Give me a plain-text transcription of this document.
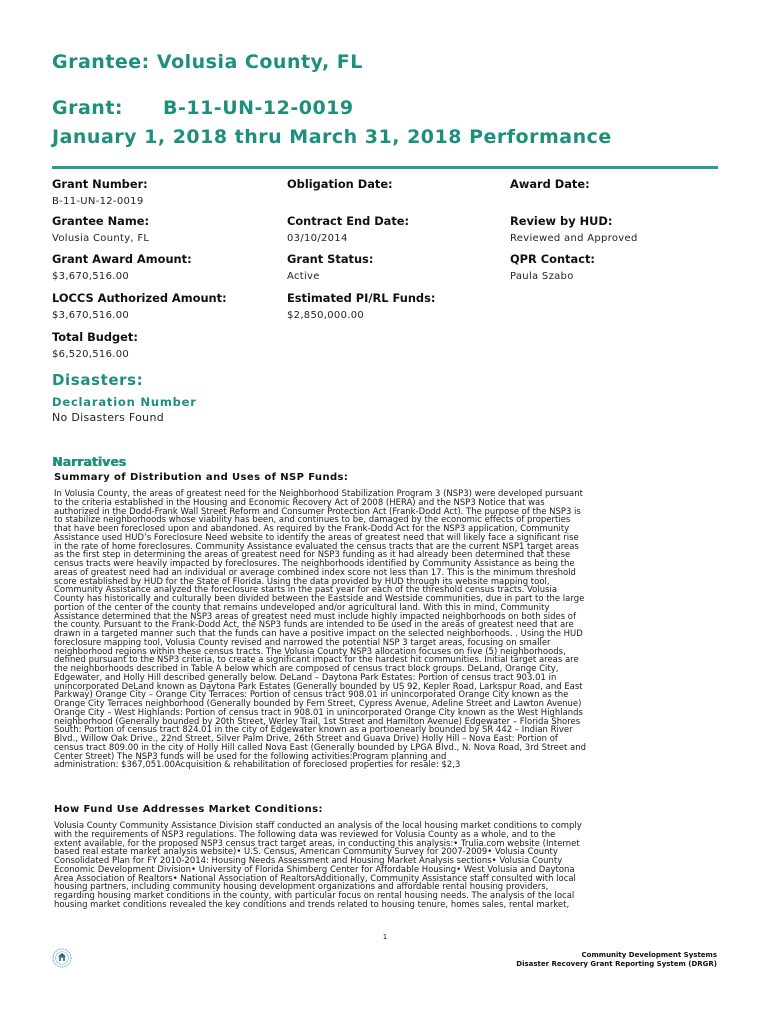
Grantee: Volusia County, FL
Grant: B-11-UN-12-0019
January 1, 2018 thru March 31, 2018 Performance
Grant Number:
B-11-UN-12-0019
Obligation Date:	Award Date:
Grantee Name:
Volusia County, FL
Contract End Date:
03/10/2014
Review by HUD:
Reviewed and Approved
Grant Award Amount:
$3,670,516.00
Grant Status:
Active
QPR Contact:
Paula Szabo
LOCCS Authorized Amount:
$3,670,516.00
Estimated PI/RL Funds:
$2,850,000.00
Total Budget:
$6,520,516.00
Disasters:
Declaration Number
No Disasters Found
Narratives
Summary of Distribution and Uses of NSP Funds:

In Volusia County, the areas of greatest need for the Neighborhood Stabilization Program 3 (NSP3) were developed pursuant

to the criteria established in the Housing and Economic Recovery Act of 2008 (HERA) and the NSP3 Notice that was

authorized in the Dodd-Frank Wall Street Reform and Consumer Protection Act (Frank-Dodd Act). The purpose of the NSP3 is

to stabilize neighborhoods whose viability has been, and continues to be, damaged by the economic effects of properties

that have been foreclosed upon and abandoned. As required by the Frank-Dodd Act for the NSP3 application, Community

Assistance used HUD’s Foreclosure Need website to identify the areas of greatest need that will likely face a significant rise

in the rate of home foreclosures. Community Assistance evaluated the census tracts that are the current NSP1 target areas

as the first step in determining the areas of greatest need for NSP3 funding as it had already been determined that these

census tracts were heavily impacted by foreclosures. The neighborhoods identified by Community Assistance as being the

areas of greatest need had an individual or average combined index score not less than 17. This is the minimum threshold

score established by HUD for the State of Florida. Using the data provided by HUD through its website mapping tool,

Community Assistance analyzed the foreclosure starts in the past year for each of the threshold census tracts. Volusia

County has historically and culturally been divided between the Eastside and Westside communities, due in part to the large

portion of the center of the county that remains undeveloped and/or agricultural land. With this in mind, Community

Assistance determined that the NSP3 areas of greatest need must include highly impacted neighborhoods on both sides of

the county. Pursuant to the Frank-Dodd Act, the NSP3 funds are intended to be used in the areas of greatest need that are

drawn in a targeted manner such that the funds can have a positive impact on the selected neighborhoods. . Using the HUD

foreclosure mapping tool, Volusia County revised and narrowed the potential NSP 3 target areas, focusing on smaller

neighborhood regions within these census tracts. The Volusia County NSP3 allocation focuses on five (5) neighborhoods,

defined pursuant to the NSP3 criteria, to create a significant impact for the hardest hit communities. Initial target areas are

the neighborhoods described in Table A below which are composed of census tract block groups. DeLand, Orange City,

Edgewater, and Holly Hill described generally below. DeLand – Daytona Park Estates: Portion of census tract 903.01 in

unincorporated DeLand known as Daytona Park Estates (Generally bounded by US 92, Kepler Road, Larkspur Road, and East

Parkway) Orange City – Orange City Terraces: Portion of census tract 908.01 in unincorporated Orange City known as the

Orange City Terraces neighborhood (Generally bounded by Fern Street, Cypress Avenue, Adeline Street and Lawton Avenue)

Orange City – West Highlands: Portion of census tract in 908.01 in unincorporated Orange City known as the West Highlands

neighborhood (Generally bounded by 20th Street, Werley Trail, 1st Street and Hamilton Avenue) Edgewater – Florida Shores

South: Portion of census tract 824.01 in the city of Edgewater known as a portioenearly bounded by SR 442 – Indian River

Blvd., Willow Oak Drive., 22nd Street, Silver Palm Drive, 26th Street and Guava Drive) Holly Hill – Nova East: Portion of

census tract 809.00 in the city of Holly Hill called Nova East (Generally bounded by LPGA Blvd., N. Nova Road, 3rd Street and

Center Street) The NSP3 funds will be used for the following activities:Program planning and

administration: $367,051.00Acquisition & rehabilitation of foreclosed properties for resale: $2,3

How Fund Use Addresses Market Conditions:

Volusia County Community Assistance Division staff conducted an analysis of the local housing market conditions to comply

with the requirements of NSP3 regulations. The following data was reviewed for Volusia County as a whole, and to the

extent available, for the proposed NSP3 census tract target areas, in conducting this analysis:• Trulia.com website (Internet

based real estate market analysis website)• U.S. Census, American Community Survey for 2007-2009• Volusia County

Consolidated Plan for FY 2010-2014: Housing Needs Assessment and Housing Market Analysis sections• Volusia County

Economic Development Division• University of Florida Shimberg Center for Affordable Housing• West Volusia and Daytona

Area Association of Realtors• National Association of RealtorsAdditionally, Community Assistance staff consulted with local

housing partners, including community housing development organizations and affordable rental housing providers,

regarding housing market conditions in the county, with particular focus on rental housing needs. The analysis of the local

housing market conditions revealed the key conditions and trends related to housing tenure, homes sales, rental market,

1
Community Development Systems
Disaster Recovery Grant Reporting System (DRGR)
